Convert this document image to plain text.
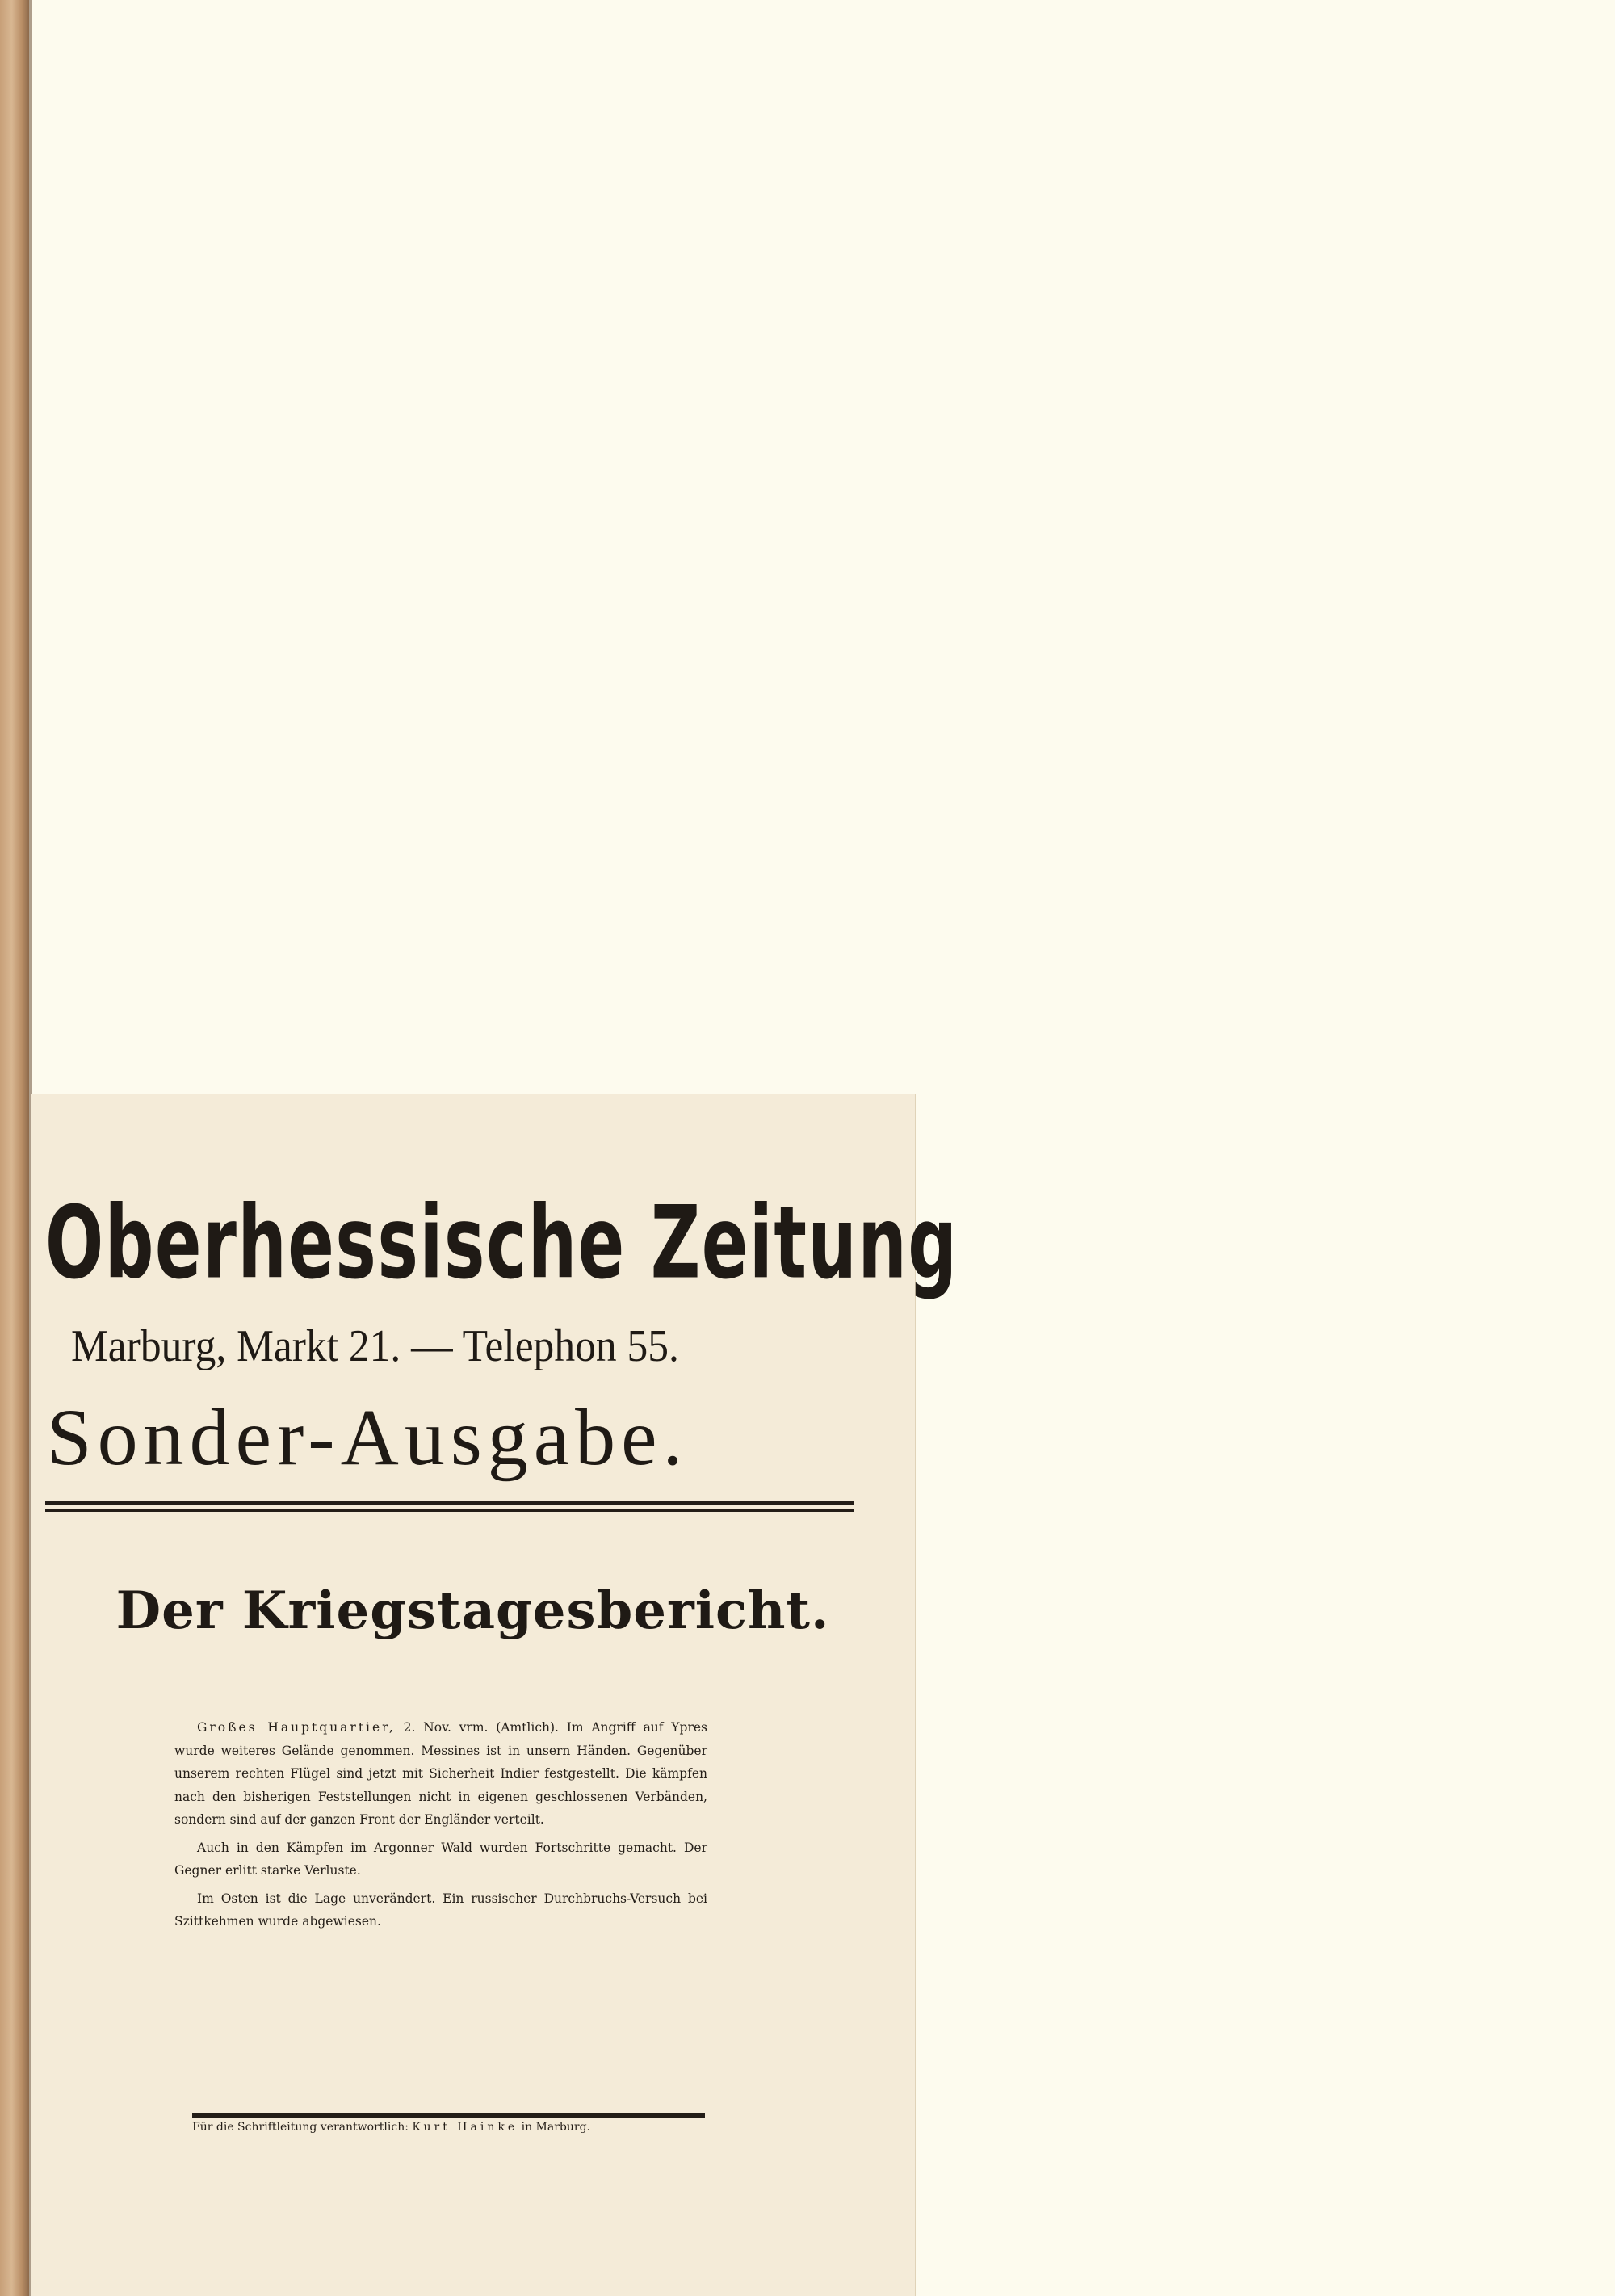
Oberhessische Zeitung
Marburg, Markt 21. — Telephon 55.
Sonder-Ausgabe.
Der Kriegstagesbericht.

Großes Hauptquartier, 2. Nov. vrm. (Amtlich). Im Angriff auf Ypres wurde weiteres Gelände genommen. Messines ist in unsern Händen. Gegenüber unserem rechten Flügel sind jetzt mit Sicherheit Indier festgestellt. Die kämpfen nach den bisherigen Feststellungen nicht in eigenen geschlossenen Verbänden, sondern sind auf der ganzen Front der Engländer verteilt.

Auch in den Kämpfen im Argonner Wald wurden Fortschritte gemacht. Der Gegner erlitt starke Verluste.

Im Osten ist die Lage unverändert. Ein russischer Durchbruchs-Versuch bei Szittkehmen wurde abgewiesen.

Für die Schriftleitung verantwortlich: Kurt Hainke in Marburg.
